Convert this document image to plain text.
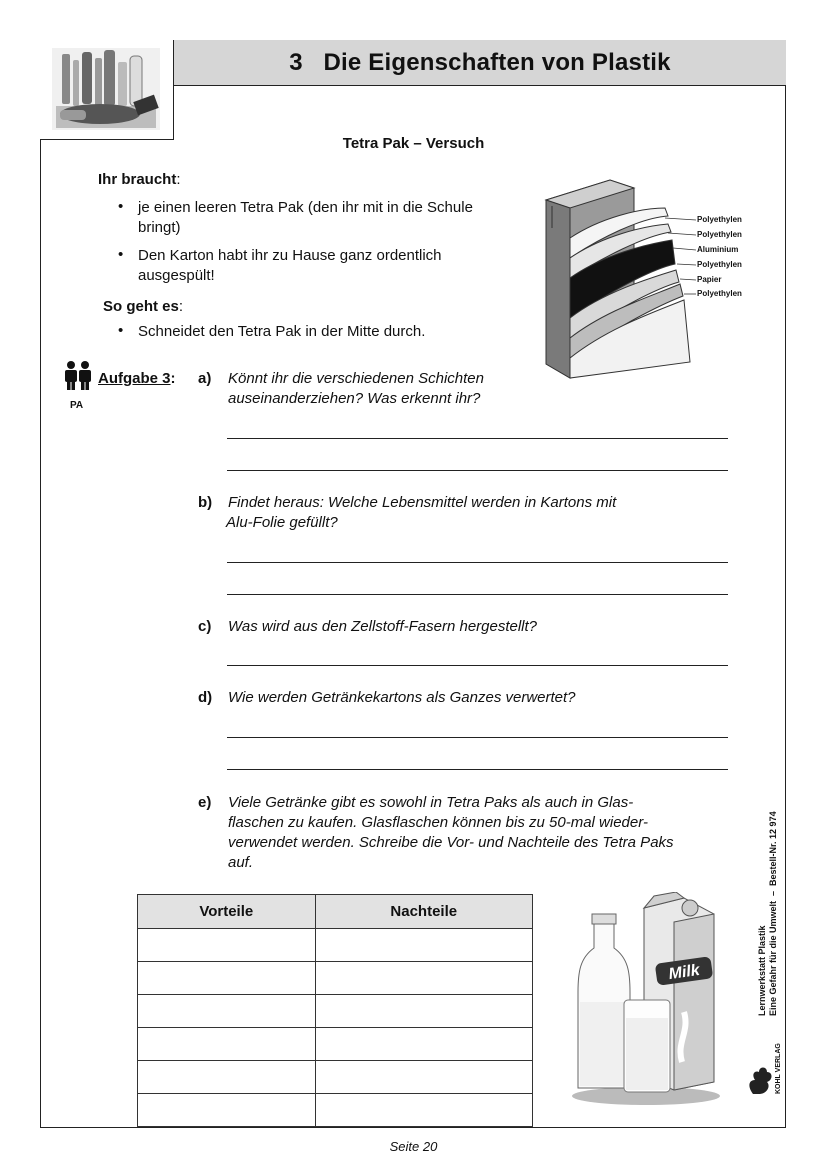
3   Die Eigenschaften von Plastik
Tetra Pak – Versuch
Ihr braucht:
• je einen leeren Tetra Pak (den ihr mit in die Schule
bringt)
• Den Karton habt ihr zu Hause ganz ordentlich
ausgespült!
So geht es:
• Schneidet den Tetra Pak in der Mitte durch.
Polyethylen
Polyethylen
Aluminium
Polyethylen
Papier
Polyethylen
PA
Aufgabe 3: a) Könnt ihr die verschiedenen Schichten
auseinanderziehen? Was erkennt ihr?
b) Findet heraus: Welche Lebensmittel werden in Kartons mit
Alu-Folie gefüllt?
c) Was wird aus den Zellstoff-Fasern hergestellt?
d) Wie werden Getränkekartons als Ganzes verwertet?
e) Viele Getränke gibt es sowohl in Tetra Paks als auch in Glas-
flaschen zu kaufen. Glasflaschen können bis zu 50-mal wieder-
verwendet werden. Schreibe die Vor- und Nachteile des Tetra Paks
auf.
Vorteile	Nachteile

Milk	Lernwerkstatt Plastik Eine Gefahr für die Umwelt  –  Bestell-Nr. 12 974
KOHL VERLAG
Seite 20
